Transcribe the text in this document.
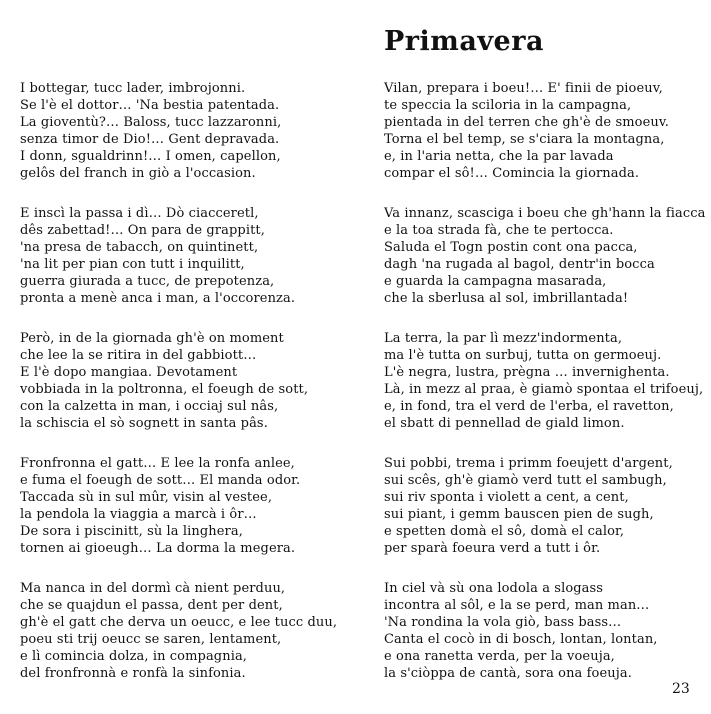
Primavera
I bottegar, tucc lader, imbrojonni.
Se l'è el dottor… 'Na bestia patentada.
La gioventù?… Baloss, tucc lazzaronni,
senza timor de Dio!… Gent depravada.
I donn, sgualdrinn!… I omen, capellon,
gelôs del franch in giò a l'occasion.
E inscì la passa i dì… Dò ciacceretl,
dês zabettad!… On para de grappitt,
'na presa de tabacch, on quintinett,
'na lit per pian con tutt i inquilitt,
guerra giurada a tucc, de prepotenza,
pronta a menè anca i man, a l'occorenza.
Però, in de la giornada gh'è on moment
che lee la se ritira in del gabbiott…
E l'è dopo mangiaa. Devotament
vobbiada in la poltronna, el foeugh de sott,
con la calzetta in man, i occiaj sul nâs,
la schiscia el sò sognett in santa pâs.
Fronfronna el gatt… E lee la ronfa anlee,
e fuma el foeugh de sott… El manda odor.
Taccada sù in sul mûr, visin al vestee,
la pendola la viaggia a marcà i ôr…
De sora i piscinitt, sù la linghera,
tornen ai gioeugh… La dorma la megera.
Ma nanca in del dormì cà nient perduu,
che se quajdun el passa, dent per dent,
gh'è el gatt che derva un oeucc, e lee tucc duu,
poeu sti trij oeucc se saren, lentament,
e lì comincia dolza, in compagnia,
del fronfronnà e ronfà la sinfonia.
Vilan, prepara i boeu!… E' finii de pioeuv,
te speccia la sciloria in la campagna,
pientada in del terren che gh'è de smoeuv.
Torna el bel temp, se s'ciara la montagna,
e, in l'aria netta, che la par lavada
compar el sô!… Comincia la giornada.
Va innanz, scasciga i boeu che gh'hann la fiacca
e la toa strada fà, che te pertocca.
Saluda el Togn postin cont ona pacca,
dagh 'na rugada al bagol, dentr'in bocca
e guarda la campagna masarada,
che la sberlusa al sol, imbrillantada!
La terra, la par lì mezz'indormenta,
ma l'è tutta on surbuj, tutta on germoeuj.
L'è negra, lustra, prègna … invernighenta.
Là, in mezz al praa, è giamò spontaa el trifoeuj,
e, in fond, tra el verd de l'erba, el ravetton,
el sbatt di pennellad de giald limon.
Sui pobbi, trema i primm foeujett d'argent,
sui scês, gh'è giamò verd tutt el sambugh,
sui riv sponta i violett a cent, a cent,
sui piant, i gemm bauscen pien de sugh,
e spetten domà el sô, domà el calor,
per sparà foeura verd a tutt i ôr.
In ciel và sù ona lodola a slogass
incontra al sôl, e la se perd, man man…
'Na rondina la vola giò, bass bass…
Canta el cocò in di bosch, lontan, lontan,
e ona ranetta verda, per la voeuja,
la s'ciòppa de cantà, sora ona foeuja.
23
